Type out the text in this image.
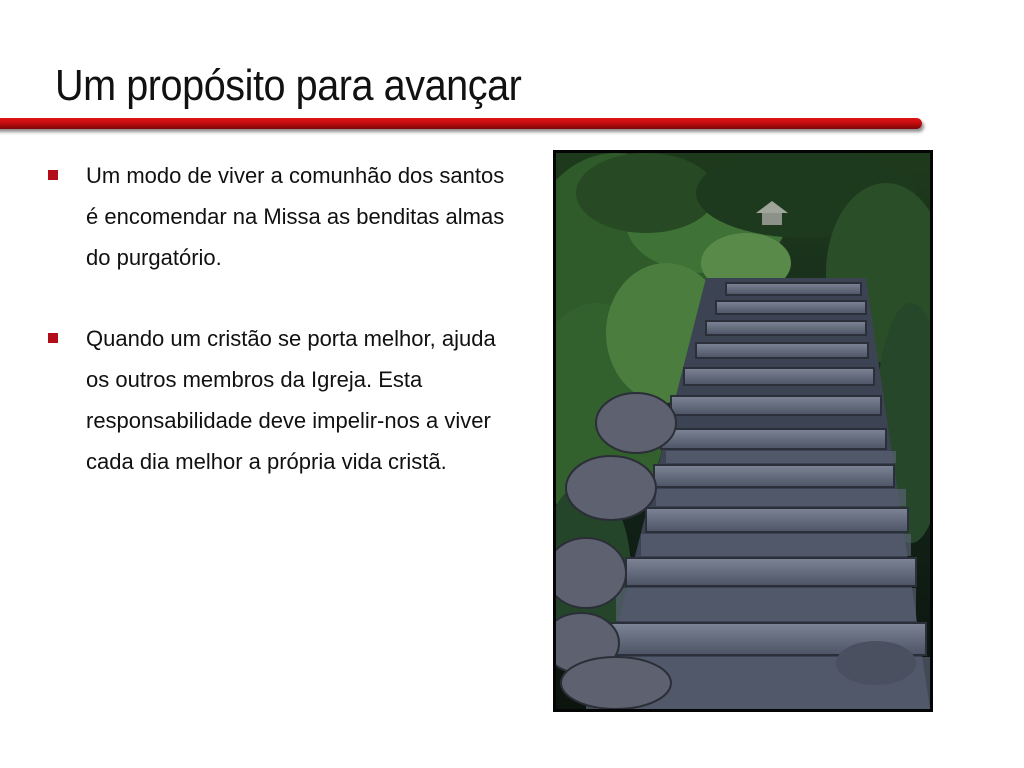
Um propósito para avançar
Um modo de viver a comunhão dos santos é encomendar na Missa as benditas almas do purgatório.
Quando um cristão se porta melhor, ajuda os outros membros da Igreja. Esta responsabilidade deve impelir-nos a viver cada dia melhor a própria vida cristã.
